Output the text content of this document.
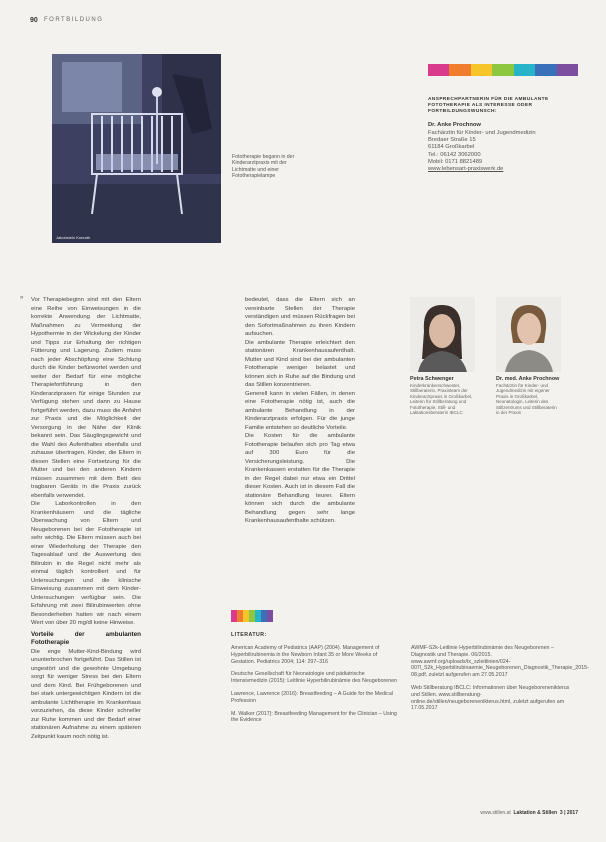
90 FORTBILDUNG
Jakobstein Konrath
Fototherapie begann in der Kinderarztpraxis mit der Lichtmatte und einer Fototherapielampe
ANSPRECHPARTNERIN FÜR DIE AMBULANTE FOTOTHERAPIE ALS INTERESSE ODER FORTBILDUNGSWUNSCH:
Dr. Anke Prochnow
Fachärztin für Kinder- und Jugendmedizin
Bredaer Straße 15
61184 Großkarbel
Tel.: 06142 3062000
Mobil: 0171 8821489
www.lebensart-praxiswerk.de
» Vor Therapiebeginn sind mit den Eltern eine Reihe von Einweisungen in die korrekte Anwendung der Lichtmatte, Maßnahmen zu Vermeidung der Hypothermie in der Wickelung der Kinder und Tipps zur Erhaltung der richtigen Fütterung und Lagerung. Zudem muss nach jeder Abschöpfung eine Sichtung durch die Kinder befürwortet werden und weiter der Bedarf für eine mögliche Therapiefortführung in den Kinderarztpraxen für einige Stunden zur Verfügung stehen und dann zu Hause fortgeführt werden, dazu muss die Anfahrt zur Praxis und die Möglichkeit der Versorgung in der Nähe der Klinik bekannt sein. Das Säuglingsgewicht und die Wahl des Aufenthaltes ebenfalls und zuhause übertragen. Kinder, die Eltern in diesen Stellen eine Fortsetzung für die Mutter und bei den anderen Kindern müssen zusammen mit dem Bett des tragbaren Geräts in die Praxis zurück ebenfalls verwendet.

Die Laborkontrollen in den Krankenhäusern und die tägliche Überwachung von Eltern und Neugeborenen bei der Fototherapie ist sehr wichtig. Die Eltern müssen auch bei einer Wiederholung der Therapie den Tagesablauf und die Auswertung des Bilirubin in die Regel nicht mehr als einmal täglich kontrolliert und für Untersuchungen und die klinische Einweisung zusammen mit dem Kinder-Untersuchungen verfügbar sein. Die Erfahrung mit zwei Bilirubinwerten ohne Besonderheiten hatten wir nach einem Wert von über 20 mg/dl keine Hinweise.

Vorteile der ambulanten Fototherapie

Die enge Mutter-Kind-Bindung wird ununterbrochen fortgeführt. Das Stillen ist ungestört und die gewohnte Umgebung sorgt für weniger Stress bei den Eltern und dem Kind. Bei Frühgeborenen und bei stark untergewichtigen Kindern ist die ambulante Lichttherapie im Krankenhaus vorzuziehen, da diese Kinder schneller zur Ruhe kommen und der Bedarf einer stationären Aufnahme zu einem späteren Zeitpunkt kaum noch nötig ist.

bedeutet, dass die Eltern sich an vereinbarte Stellen der Therapie verständigen und müssen Rückfragen bei den Sofortmaßnahmen zu ihren Kindern aufsuchen.

Die ambulante Therapie erleichtert den stationären Krankenhausaufenthalt. Mutter und Kind sind bei der ambulanten Fototherapie weniger belastet und können sich in Ruhe auf die Bindung und das Stillen konzentrieren.

Generell kann in vielen Fällen, in denen eine Fototherapie nötig ist, auch die ambulante Behandlung in der Kinderarztpraxis erfolgen. Für die junge Familie entstehen so deutliche Vorteile.

Die Kosten für die ambulante Fototherapie belaufen sich pro Tag etwa auf 300 Euro für die Versicherungsleistung. Die Krankenkassen erstatten für die Therapie in der Regel dabei nur etwa ein Drittel dieser Kosten. Auch ist in diesem Fall die stationäre Behandlung teurer. Eltern können sich durch die ambulante Behandlung gegen sehr lange Krankenhausaufenthalte schützen.

Petra Schwenger
Kinderkrankenschwester, Stillberaterin, Praxisteam der Kinderarztpraxis in Großkarbel, Leiterin für Stillberatung und Fototherapie, Still- und Laktationsberaterin IBCLC
Dr. med. Anke Prochnow
Fachärztin für Kinder- und Jugendmedizin mit eigener Praxis in Großkarbel, Neonatologin, Leiterin des Stillzentrums und Stillberaterin in der Praxis
LITERATUR:
American Academy of Pediatrics (AAP) (2004). Management of Hyperbilirubinemia in the Newborn Infant 35 or More Weeks of Gestation. Pediatrics 2004; 114: 297–316
Deutsche Gesellschaft für Neonatologie und pädiatrische Intensivmedizin (2015): Leitlinie Hyperbilirubinämie des Neugeborenen
Lawrence, Lawrence (2016): Breastfeeding – A Guide for the Medical Profession
M. Walker (2017): Breastfeeding Management for the Clinician – Using the Evidence
AWMF-S2k-Leitlinie Hyperbilirubinämie des Neugeborenen – Diagnostik und Therapie. 06/2015. www.awmf.org/uploads/tx_szleitlinien/024-007l_S2k_Hyperbilirubinaemie_Neugeborenen_Diagnostik_Therapie_2015-08.pdf, zuletzt aufgerufen am 27.05.2017
Web Stillberatung IBCLC: Informationen über Neugeborenenikterus und Stillen. www.stillberatung-online.de/stillen/neugeborenenikterus.html, zuletzt aufgerufen am 17.05.2017
www.stillen.at Laktation & Stillen 3 | 2017
